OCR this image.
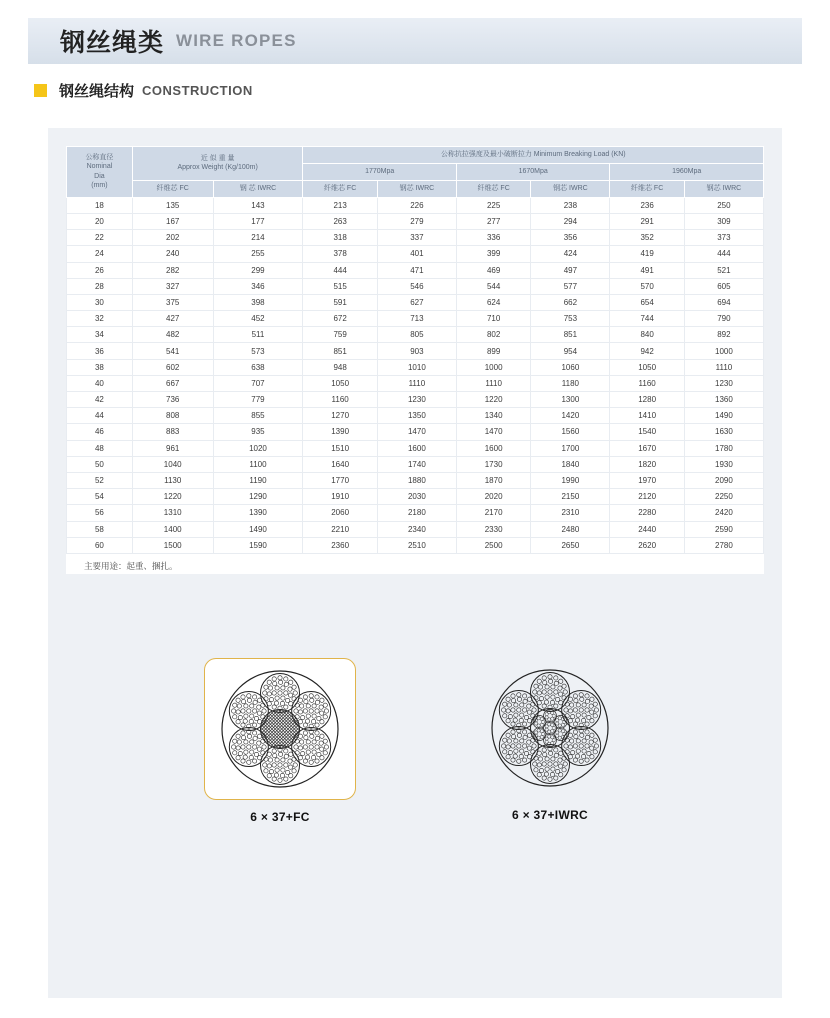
钢丝绳类 WIRE ROPES
钢丝绳结构 CONSTRUCTION
公称直径
Nominal
Dia
(mm)

近 似 重 量
Approx Weight (Kg/100m)
	公称抗拉强度及最小破断拉力 Minimum Breaking Load (KN)
			1770Mpa		1670Mpa		1960Mpa	
	纤维芯 FC	钢 芯 IWRC	纤维芯 FC	钢芯 IWRC	纤维芯 FC	钢芯 IWRC	纤维芯 FC	钢芯 IWRC
18	135	143	213	226	225	238	236	250
20	167	177	263	279	277	294	291	309
22	202	214	318	337	336	356	352	373
24	240	255	378	401	399	424	419	444
26	282	299	444	471	469	497	491	521
28	327	346	515	546	544	577	570	605
30	375	398	591	627	624	662	654	694
32	427	452	672	713	710	753	744	790
34	482	511	759	805	802	851	840	892
36	541	573	851	903	899	954	942	1000
38	602	638	948	1010	1000	1060	1050	1110
40	667	707	1050	1110	1110	1180	1160	1230
42	736	779	1160	1230	1220	1300	1280	1360
44	808	855	1270	1350	1340	1420	1410	1490
46	883	935	1390	1470	1470	1560	1540	1630
48	961	1020	1510	1600	1600	1700	1670	1780
50	1040	1100	1640	1740	1730	1840	1820	1930
52	1130	1190	1770	1880	1870	1990	1970	2090
54	1220	1290	1910	2030	2020	2150	2120	2250
56	1310	1390	2060	2180	2170	2310	2280	2420
58	1400	1490	2210	2340	2330	2480	2440	2590
60	1500	1590	2360	2510	2500	2650	2620	2780
主要用途：起重、捆扎。
6 × 37+FC	6 × 37+IWRC
